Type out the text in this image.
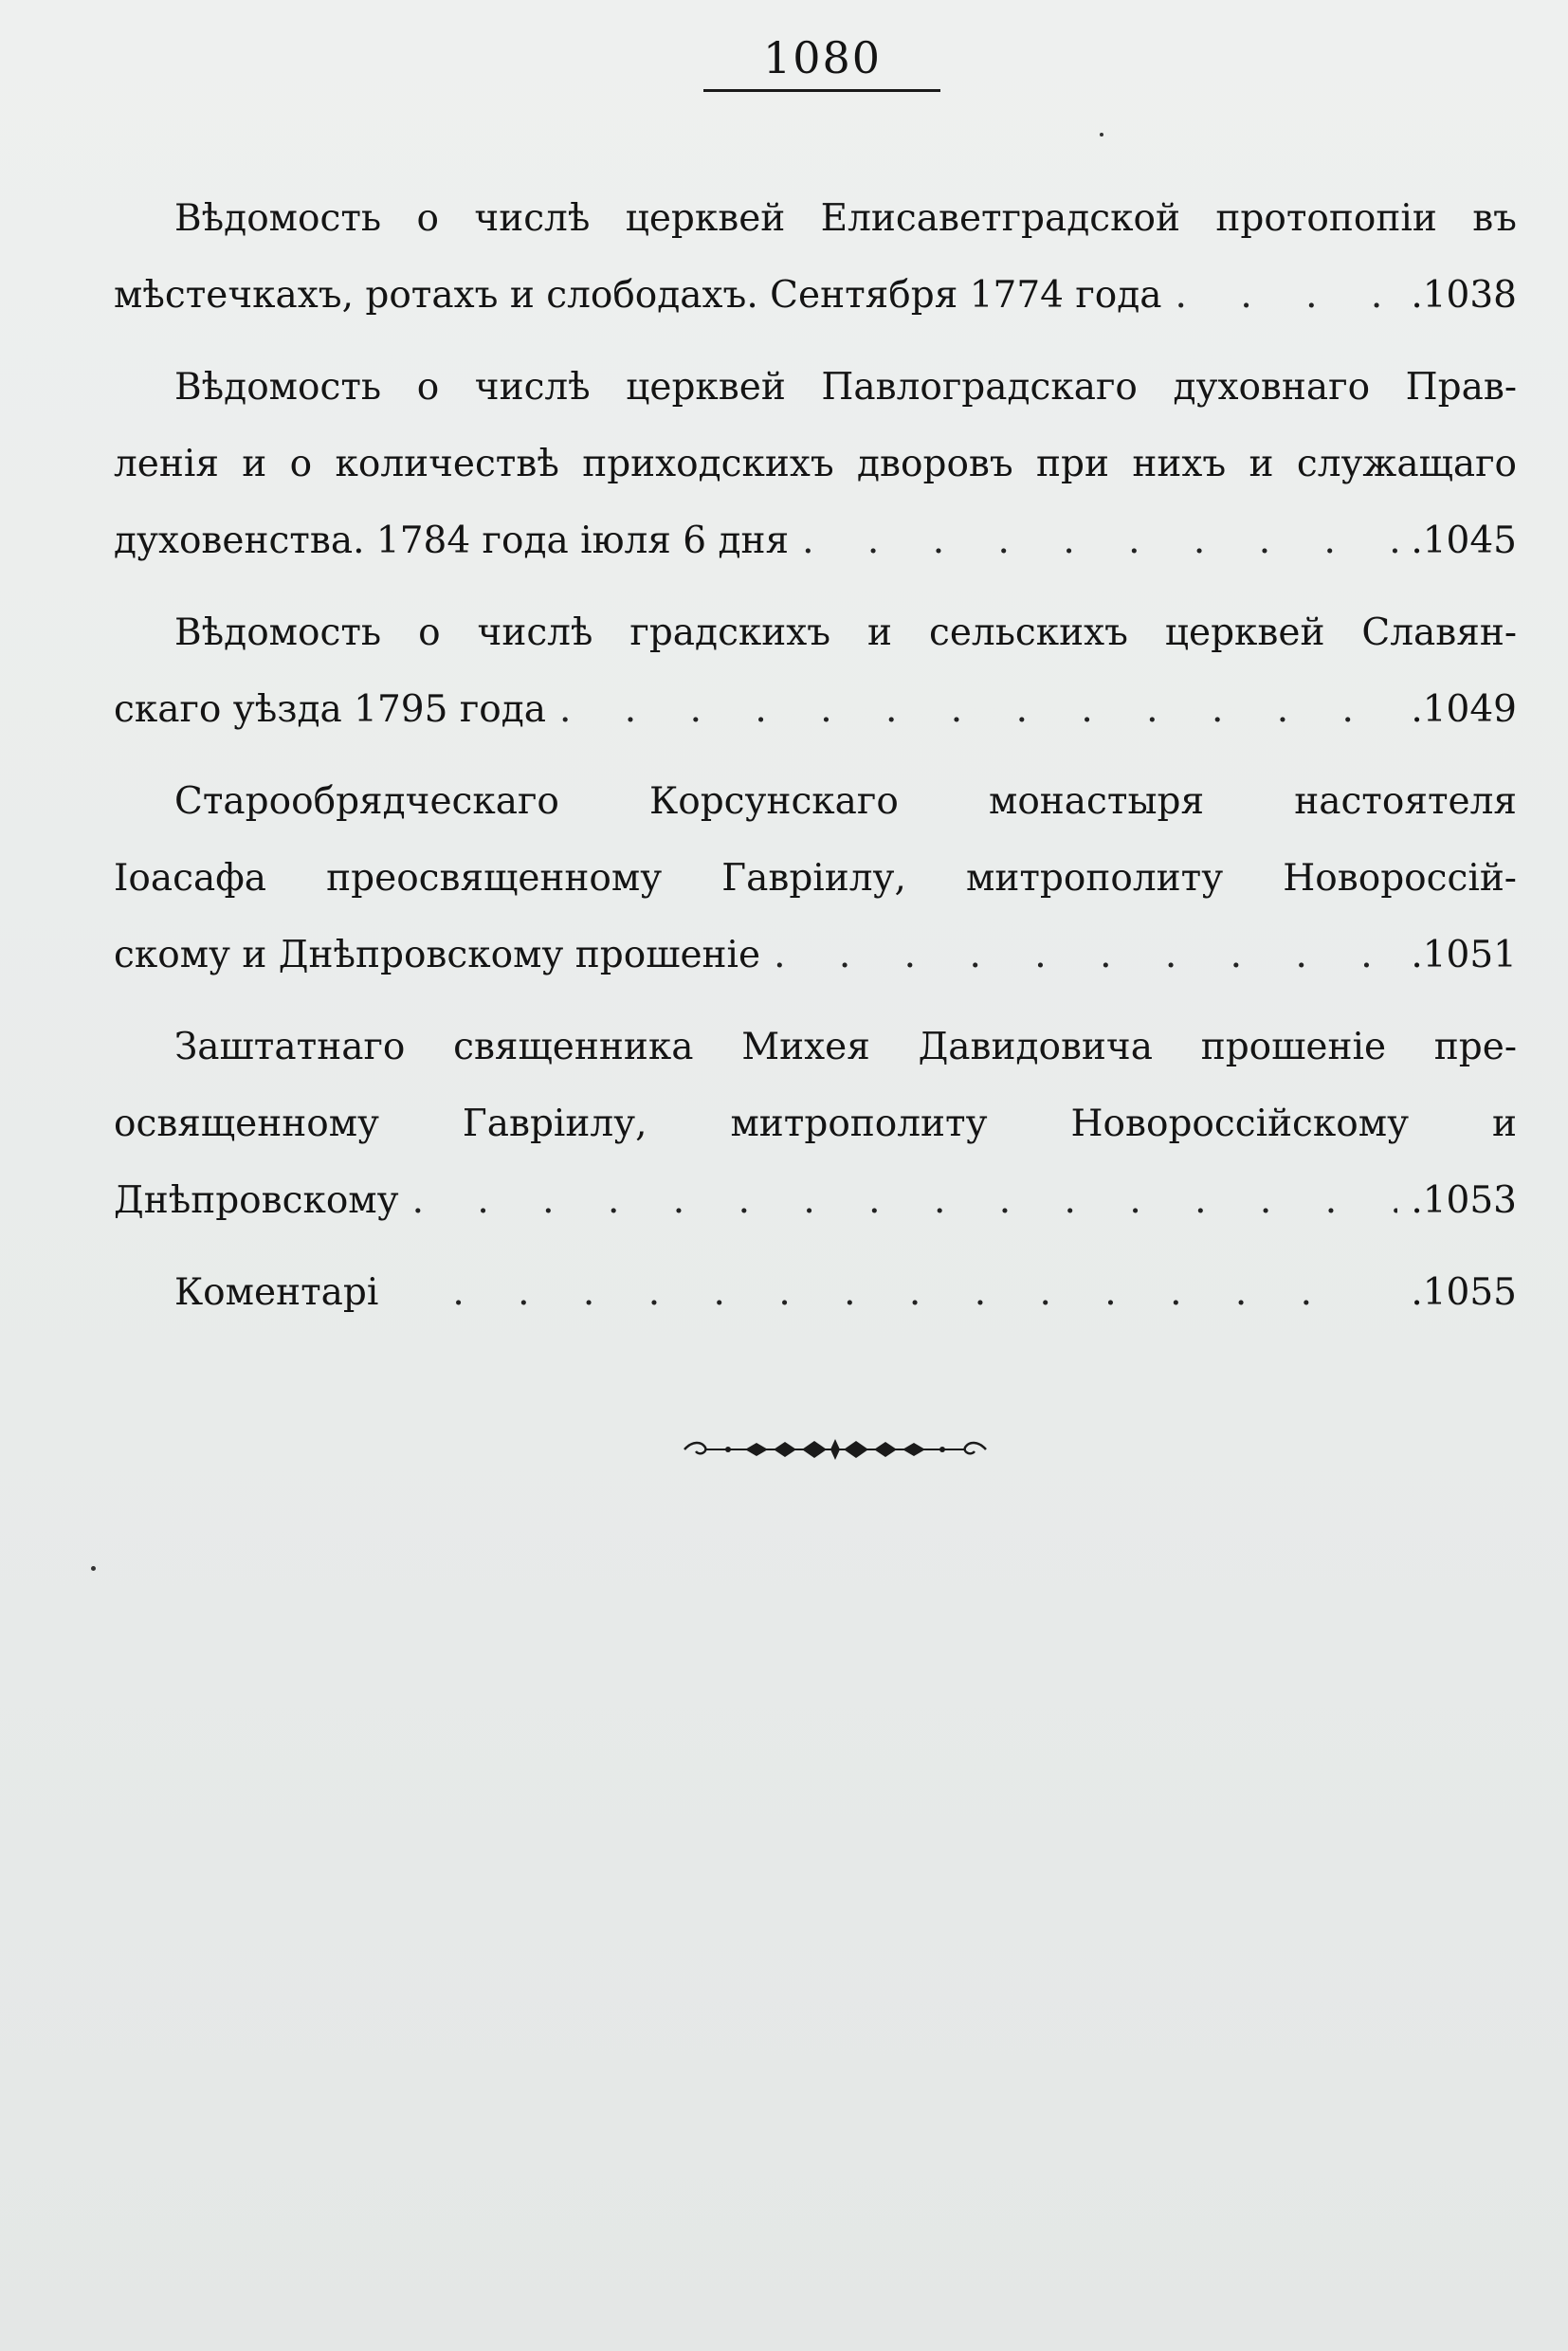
1080
Вѣдомость о числѣ церквей Елисаветградской протопопіи въ
мѣстечкахъ, ротахъ и слободахъ. Сентября 1774 года . . .	.1038
Вѣдомость о числѣ церквей Павлоградскаго духовнаго Прав-
ленія и о количествѣ приходскихъ дворовъ при нихъ и служащаго
духовенства. 1784 года іюля 6 дня . . .	.1045
Вѣдомость о числѣ градскихъ и сельскихъ церквей Славян-
скаго уѣзда 1795 года . . .	.1049
Старообрядческаго Корсунскаго монастыря настоятеля
Іоасафа преосвященному Гавріилу, митрополиту Новороссій-
скому и Днѣпровскому прошеніе . . .	.1051
Заштатнаго священника Михея Давидовича прошеніе пре-
освященному Гавріилу, митрополиту Новороссійскому и
Днѣпровскому . . .	.1053
Коментарі . . .	.1055
